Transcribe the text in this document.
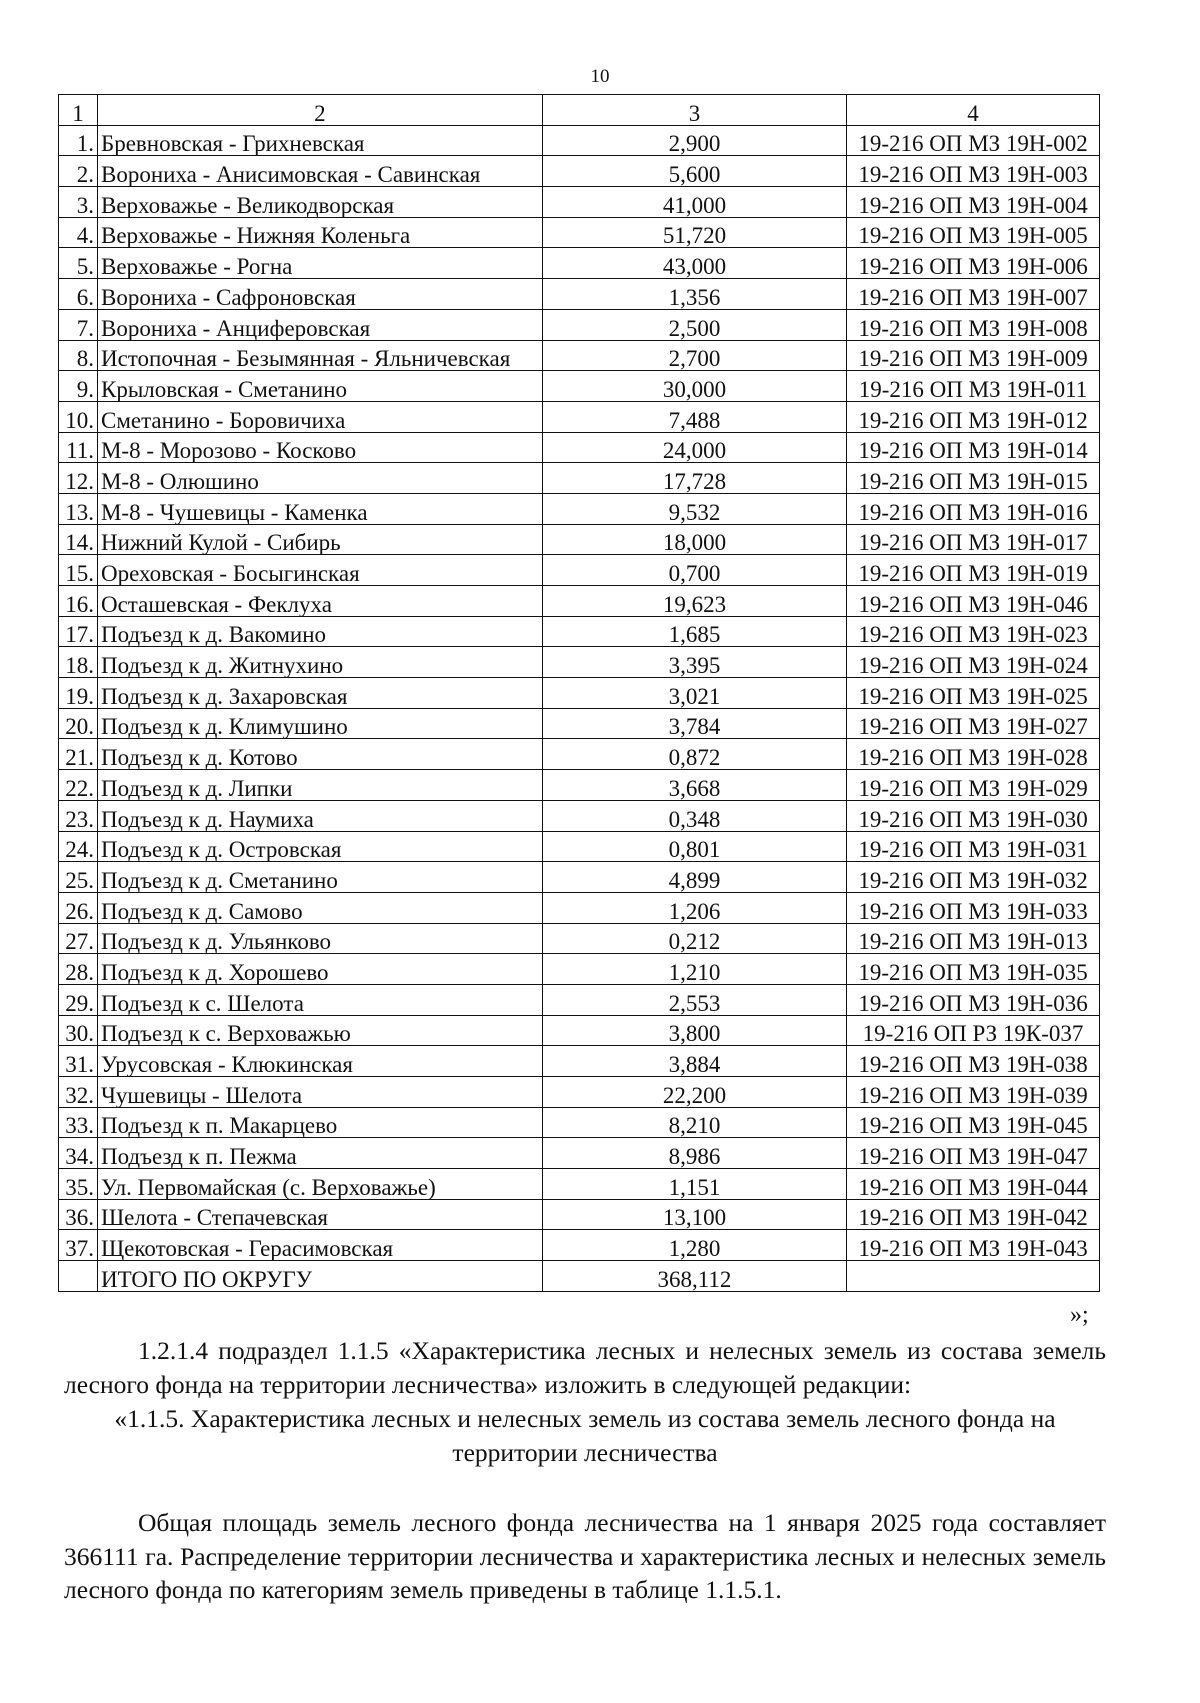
10
1	2	3	4
1.	Бревновская - Грихневская	2,900	19-216 ОП МЗ 19Н-002
2.	Ворониха - Анисимовская - Савинская	5,600	19-216 ОП МЗ 19Н-003
3.	Верховажье - Великодворская	41,000	19-216 ОП МЗ 19Н-004
4.	Верховажье - Нижняя Коленьга	51,720	19-216 ОП МЗ 19Н-005
5.	Верховажье - Рогна	43,000	19-216 ОП МЗ 19Н-006
6.	Ворониха - Сафроновская	1,356	19-216 ОП МЗ 19Н-007
7.	Ворониха - Анциферовская	2,500	19-216 ОП МЗ 19Н-008
8.	Истопочная - Безымянная - Яльничевская	2,700	19-216 ОП МЗ 19Н-009
9.	Крыловская - Сметанино	30,000	19-216 ОП МЗ 19Н-011
10.	Сметанино - Боровичиха	7,488	19-216 ОП МЗ 19Н-012
11.	М-8 - Морозово - Косково	24,000	19-216 ОП МЗ 19Н-014
12.	М-8 - Олюшино	17,728	19-216 ОП МЗ 19Н-015
13.	М-8 - Чушевицы - Каменка	9,532	19-216 ОП МЗ 19Н-016
14.	Нижний Кулой - Сибирь	18,000	19-216 ОП МЗ 19Н-017
15.	Ореховская - Босыгинская	0,700	19-216 ОП МЗ 19Н-019
16.	Осташевская - Феклуха	19,623	19-216 ОП МЗ 19Н-046
17.	Подъезд к д. Вакомино	1,685	19-216 ОП МЗ 19Н-023
18.	Подъезд к д. Житнухино	3,395	19-216 ОП МЗ 19Н-024
19.	Подъезд к д. Захаровская	3,021	19-216 ОП МЗ 19Н-025
20.	Подъезд к д. Климушино	3,784	19-216 ОП МЗ 19Н-027
21.	Подъезд к д. Котово	0,872	19-216 ОП МЗ 19Н-028
22.	Подъезд к д. Липки	3,668	19-216 ОП МЗ 19Н-029
23.	Подъезд к д. Наумиха	0,348	19-216 ОП МЗ 19Н-030
24.	Подъезд к д. Островская	0,801	19-216 ОП МЗ 19Н-031
25.	Подъезд к д. Сметанино	4,899	19-216 ОП МЗ 19Н-032
26.	Подъезд к д. Самово	1,206	19-216 ОП МЗ 19Н-033
27.	Подъезд к д. Ульянково	0,212	19-216 ОП МЗ 19Н-013
28.	Подъезд к д. Хорошево	1,210	19-216 ОП МЗ 19Н-035
29.	Подъезд к с. Шелота	2,553	19-216 ОП МЗ 19Н-036
30.	Подъезд к с. Верховажью	3,800	19-216 ОП РЗ 19К-037
31.	Урусовская - Клюкинская	3,884	19-216 ОП МЗ 19Н-038
32.	Чушевицы - Шелота	22,200	19-216 ОП МЗ 19Н-039
33.	Подъезд к п. Макарцево	8,210	19-216 ОП МЗ 19Н-045
34.	Подъезд к п. Пежма	8,986	19-216 ОП МЗ 19Н-047
35.	Ул. Первомайская (с. Верховажье)	1,151	19-216 ОП МЗ 19Н-044
36.	Шелота - Степачевская	13,100	19-216 ОП МЗ 19Н-042
37.	Щекотовская - Герасимовская	1,280	19-216 ОП МЗ 19Н-043
	ИТОГО ПО ОКРУГУ	368,112	
»;
1.2.1.4 подраздел 1.1.5 «Характеристика лесных и нелесных земель из состава земель лесного фонда на территории лесничества» изложить в следующей редакции:
«1.1.5. Характеристика лесных и нелесных земель из состава земель лесного фонда на территории лесничества
Общая площадь земель лесного фонда лесничества на 1 января 2025 года составляет 366111 га. Распределение территории лесничества и характеристика лесных и нелесных земель лесного фонда по категориям земель приведены в таблице 1.1.5.1.
